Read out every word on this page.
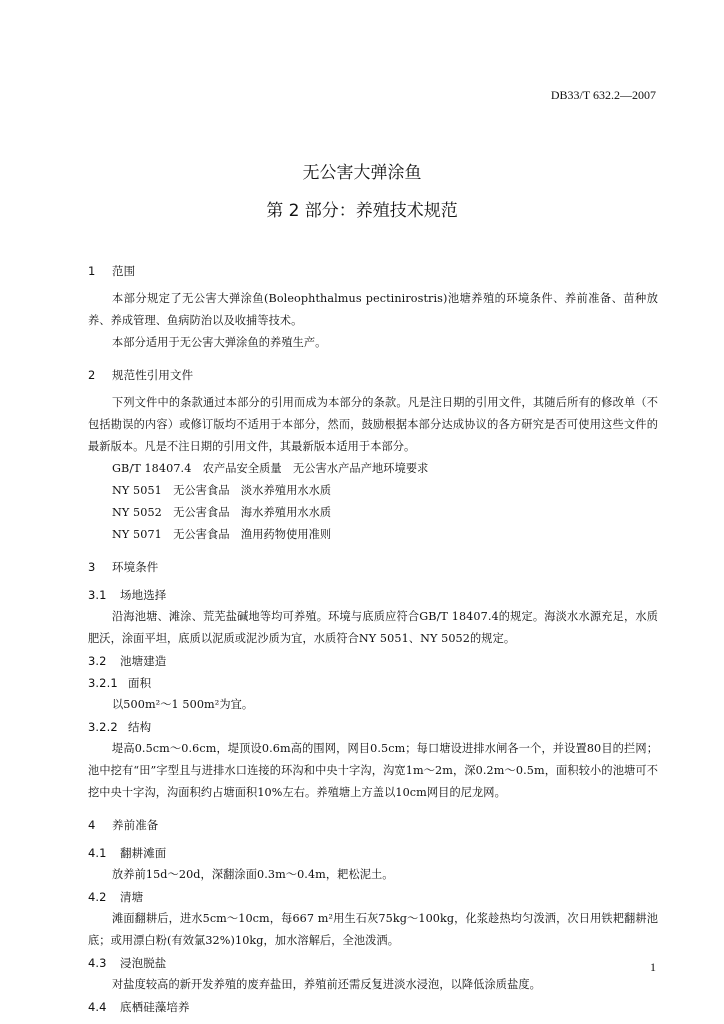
DB33/T 632.2—2007
无公害大弹涂鱼
第 2 部分：养殖技术规范
1 范围
本部分规定了无公害大弹涂鱼(Boleophthalmus pectinirostris)池塘养殖的环境条件、养前准备、苗种放养、养成管理、鱼病防治以及收捕等技术。
本部分适用于无公害大弹涂鱼的养殖生产。
2 规范性引用文件
下列文件中的条款通过本部分的引用而成为本部分的条款。凡是注日期的引用文件，其随后所有的修改单（不包括勘误的内容）或修订版均不适用于本部分，然而，鼓励根据本部分达成协议的各方研究是否可使用这些文件的最新版本。凡是不注日期的引用文件，其最新版本适用于本部分。
GB/T 18407.4　农产品安全质量　无公害水产品产地环境要求
NY 5051　无公害食品　淡水养殖用水水质
NY 5052　无公害食品　海水养殖用水水质
NY 5071　无公害食品　渔用药物使用准则
3 环境条件
3.1 场地选择
沿海池塘、滩涂、荒芜盐碱地等均可养殖。环境与底质应符合GB/T 18407.4的规定。海淡水水源充足，水质肥沃，涂面平坦，底质以泥质或泥沙质为宜，水质符合NY 5051、NY 5052的规定。
3.2 池塘建造
3.2.1 面积
以500m²～1 500m²为宜。
3.2.2 结构
堤高0.5cm～0.6cm，堤顶设0.6m高的围网，网目0.5cm；每口塘设进排水闸各一个，并设置80目的拦网；池中挖有“田”字型且与进排水口连接的环沟和中央十字沟，沟宽1m～2m，深0.2m～0.5m，面积较小的池塘可不挖中央十字沟，沟面积约占塘面积10%左右。养殖塘上方盖以10cm网目的尼龙网。
4 养前准备
4.1 翻耕滩面
放养前15d～20d，深翻涂面0.3m～0.4m，耙松泥土。
4.2 清塘
滩面翻耕后，进水5cm～10cm，每667 m²用生石灰75kg～100kg，化浆趁热均匀泼洒，次日用铁耙翻耕池底；或用漂白粉(有效氯32%)10kg，加水溶解后，全池泼洒。
4.3 浸泡脱盐
对盐度较高的新开发养殖的废弃盐田，养殖前还需反复进淡水浸泡，以降低涂质盐度。
4.4 底栖硅藻培养
1
